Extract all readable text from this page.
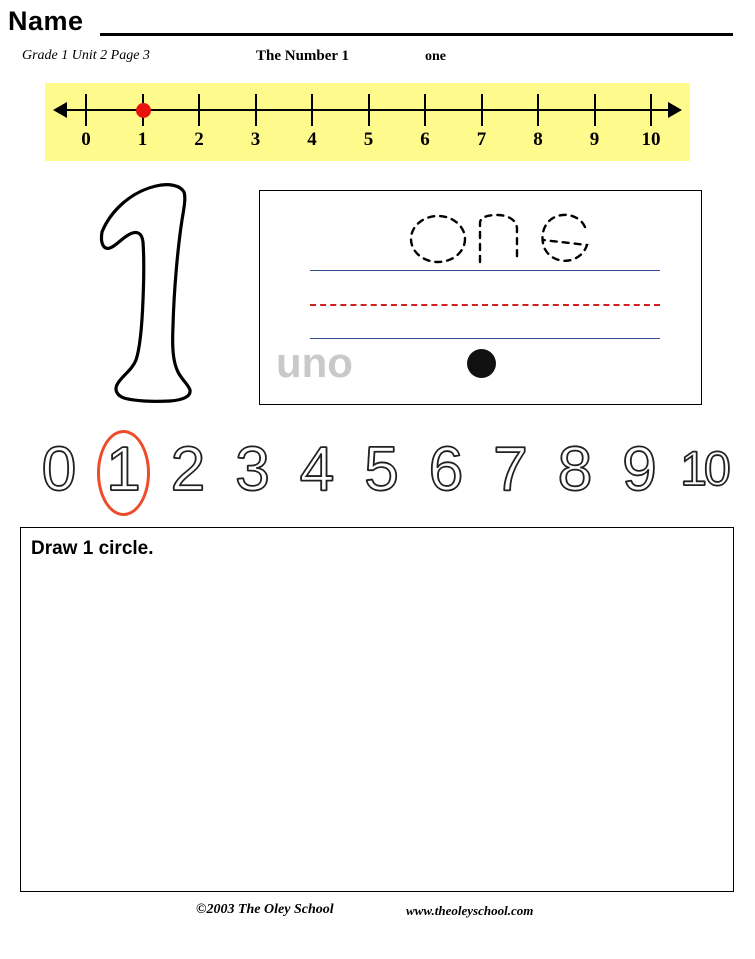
Name
Grade 1 Unit 2 Page 3	The Number 1	one
0	1	2	3	4	5	6	7	8	9	10
uno
0 1 2 3 4 5 6 7 8 9 10
Draw 1 circle.
©2003 The Oley School	www.theoleyschool.com
